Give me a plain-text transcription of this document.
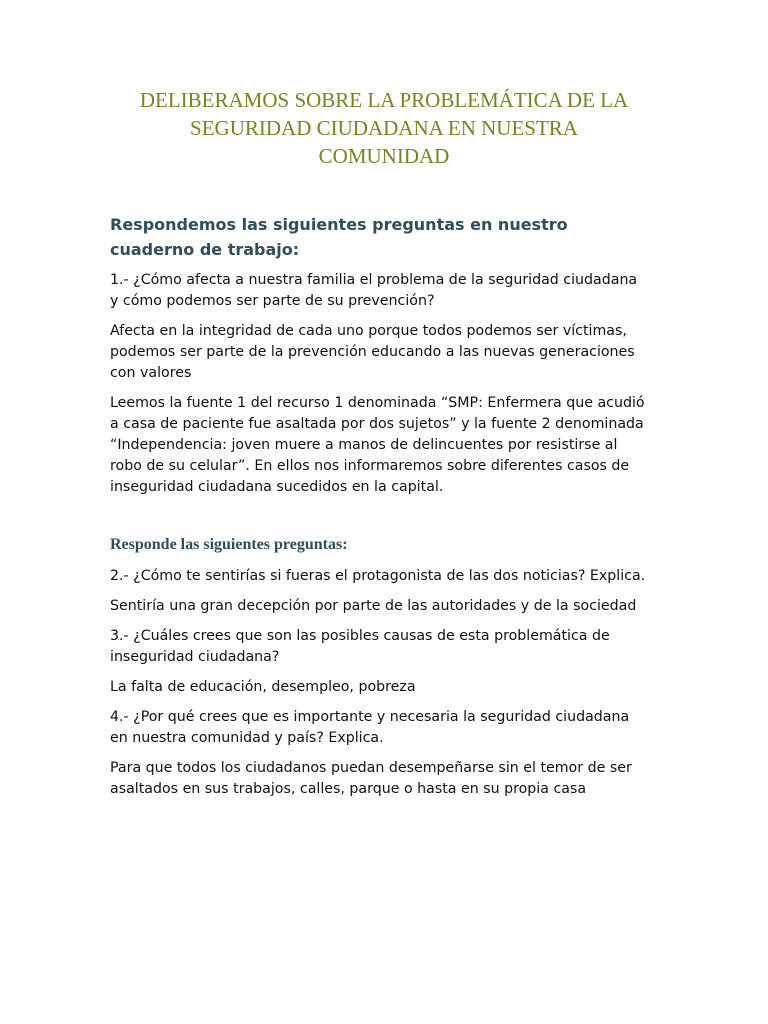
DELIBERAMOS SOBRE LA PROBLEMÁTICA DE LA
SEGURIDAD CIUDADANA EN NUESTRA
COMUNIDAD
Respondemos las siguientes preguntas en nuestro cuaderno de trabajo:

1.- ¿Cómo afecta a nuestra familia el problema de la seguridad ciudadana y cómo podemos ser parte de su prevención?

Afecta en la integridad de cada uno porque todos podemos ser víctimas, podemos ser parte de la prevención educando a las nuevas generaciones con valores

Leemos la fuente 1 del recurso 1 denominada “SMP: Enfermera que acudió a casa de paciente fue asaltada por dos sujetos” y la fuente 2 denominada “Independencia: joven muere a manos de delincuentes por resistirse al robo de su celular”. En ellos nos informaremos sobre diferentes casos de inseguridad ciudadana sucedidos en la capital.

Responde las siguientes preguntas:

2.- ¿Cómo te sentirías si fueras el protagonista de las dos noticias? Explica.

Sentiría una gran decepción por parte de las autoridades y de la sociedad

3.- ¿Cuáles crees que son las posibles causas de esta problemática de inseguridad ciudadana?

La falta de educación, desempleo, pobreza

4.- ¿Por qué crees que es importante y necesaria la seguridad ciudadana en nuestra comunidad y país? Explica.

Para que todos los ciudadanos puedan desempeñarse sin el temor de ser asaltados en sus trabajos, calles, parque o hasta en su propia casa
